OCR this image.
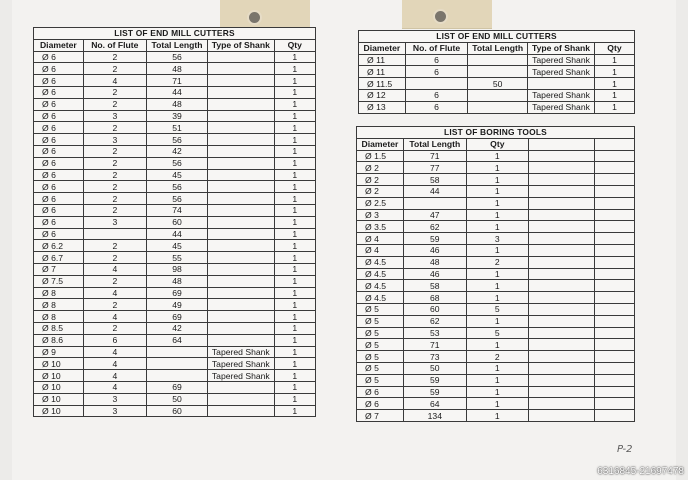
LIST OF END MILL CUTTERS				
Diameter	No. of Flute	Total Length	Type of Shank	Qty
Ø 6	2	56		1
Ø 6	2	48		1
Ø 6	4	71		1
Ø 6	2	44		1
Ø 6	2	48		1
Ø 6	3	39		1
Ø 6	2	51		1
Ø 6	3	56		1
Ø 6	2	42		1
Ø 6	2	56		1
Ø 6	2	45		1
Ø 6	2	56		1
Ø 6	2	56		1
Ø 6	2	74		1
Ø 6	3	60		1
Ø 6		44		1
Ø 6.2	2	45		1
Ø 6.7	2	55		1
Ø 7	4	98		1
Ø 7.5	2	48		1
Ø 8	4	69		1
Ø 8	2	49		1
Ø 8	4	69		1
Ø 8.5	2	42		1
Ø 8.6	6	64		1
Ø 9	4		Tapered Shank	1
Ø 10	4		Tapered Shank	1
Ø 10	4		Tapered Shank	1
Ø 10	4	69		1
Ø 10	3	50		1
Ø 10	3	60		1
LIST OF END MILL CUTTERS				
Diameter	No. of Flute	Total Length	Type of Shank	Qty
Ø 11	6		Tapered Shank	1
Ø 11	6		Tapered Shank	1
Ø 11.5		50		1
Ø 12	6		Tapered Shank	1
Ø 13	6		Tapered Shank	1
LIST OF BORING TOOLS				
Diameter	Total Length	Qty		
Ø 1.5	71	1		
Ø 2	77	1		
Ø 2	58	1		
Ø 2	44	1		
Ø 2.5		1		
Ø 3	47	1		
Ø 3.5	62	1		
Ø 4	59	3		
Ø 4	46	1		
Ø 4.5	48	2		
Ø 4.5	46	1		
Ø 4.5	58	1		
Ø 4.5	68	1		
Ø 5	60	5		
Ø 5	62	1		
Ø 5	53	5		
Ø 5	71	1		
Ø 5	73	2		
Ø 5	50	1		
Ø 5	59	1		
Ø 6	59	1		
Ø 6	64	1		
Ø 7	134	1		
P-2
6316845-21697478
